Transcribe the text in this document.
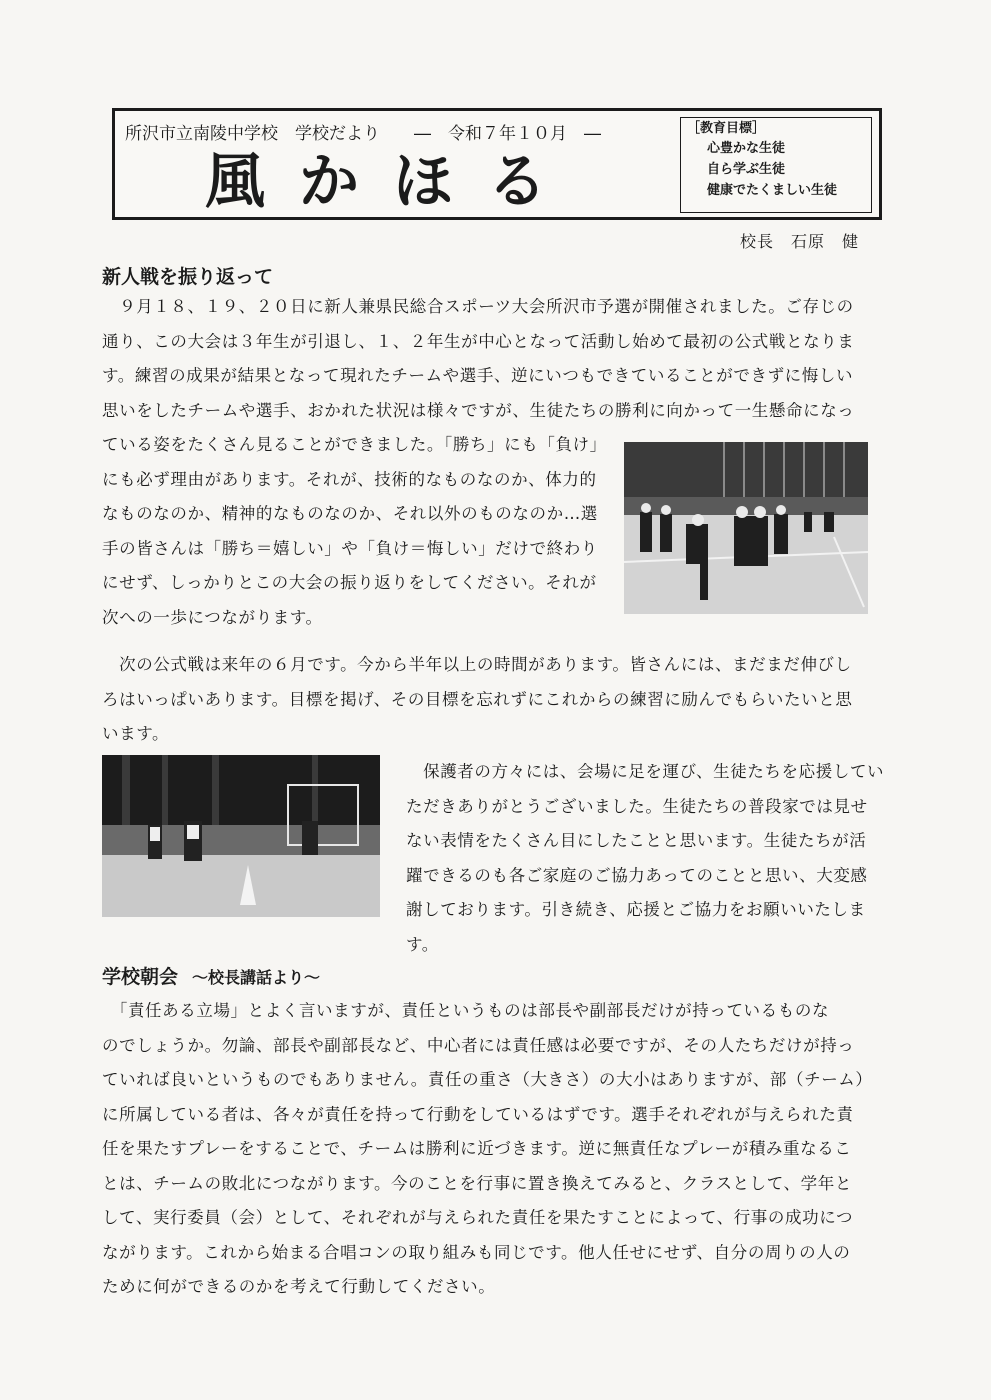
所沢市立南陵中学校　学校だより　　―　令和７年１０月　―
風かほる
［教育目標］
心豊かな生徒
自ら学ぶ生徒
健康でたくましい生徒
校長　石原　健
新人戦を振り返って
　９月１８、１９、２０日に新人兼県民総合スポーツ大会所沢市予選が開催されました。ご存じの
通り、この大会は３年生が引退し、１、２年生が中心となって活動し始めて最初の公式戦となりま
す。練習の成果が結果となって現れたチームや選手、逆にいつもできていることができずに悔しい
思いをしたチームや選手、おかれた状況は様々ですが、生徒たちの勝利に向かって一生懸命になっ
ている姿をたくさん見ることができました。「勝ち」にも「負け」
にも必ず理由があります。それが、技術的なものなのか、体力的
なものなのか、精神的なものなのか、それ以外のものなのか…選
手の皆さんは「勝ち＝嬉しい」や「負け＝悔しい」だけで終わり
にせず、しっかりとこの大会の振り返りをしてください。それが
次への一歩につながります。
　次の公式戦は来年の６月です。今から半年以上の時間があります。皆さんには、まだまだ伸びし
ろはいっぱいあります。目標を掲げ、その目標を忘れずにこれからの練習に励んでもらいたいと思
います。
　保護者の方々には、会場に足を運び、生徒たちを応援してい
ただきありがとうございました。生徒たちの普段家では見せ
ない表情をたくさん目にしたことと思います。生徒たちが活
躍できるのも各ご家庭のご協力あってのことと思い、大変感
謝しております。引き続き、応援とご協力をお願いいたします。
学校朝会 ～校長講話より～
　「責任ある立場」とよく言いますが、責任というものは部長や副部長だけが持っているものな
のでしょうか。勿論、部長や副部長など、中心者には責任感は必要ですが、その人たちだけが持っ
ていれば良いというものでもありません。責任の重さ（大きさ）の大小はありますが、部（チーム）
に所属している者は、各々が責任を持って行動をしているはずです。選手それぞれが与えられた責
任を果たすプレーをすることで、チームは勝利に近づきます。逆に無責任なプレーが積み重なるこ
とは、チームの敗北につながります。今のことを行事に置き換えてみると、クラスとして、学年と
して、実行委員（会）として、それぞれが与えられた責任を果たすことによって、行事の成功につ
ながります。これから始まる合唱コンの取り組みも同じです。他人任せにせず、自分の周りの人の
ために何ができるのかを考えて行動してください。
